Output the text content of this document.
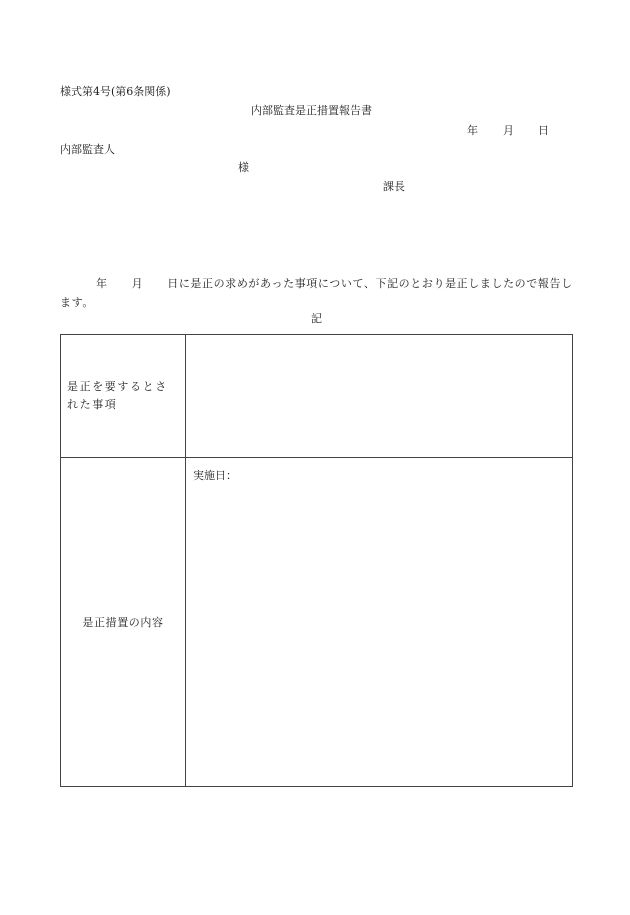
様式第4号(第6条関係)
内部監査是正措置報告書
年 月 日
内部監査人
様
課長
年 月 日に是正の求めがあった事項について、下記のとおり是正しましたので報告します。
記
是正を要するとされた事項	
是正措置の内容	実施日：
